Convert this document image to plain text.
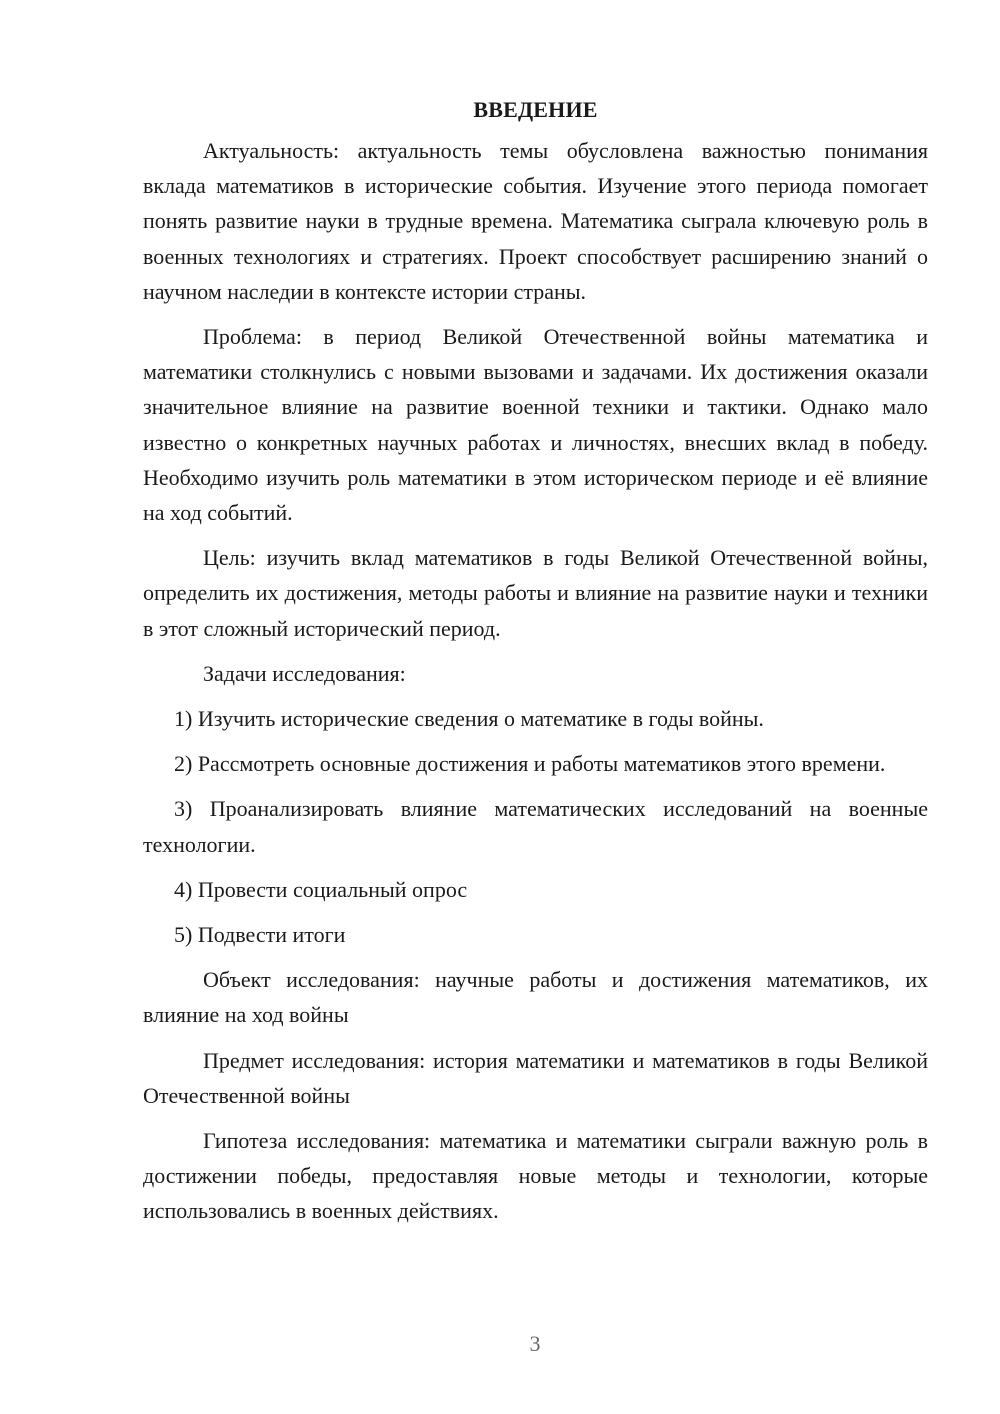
ВВЕДЕНИЕ

Актуальность: актуальность темы обусловлена важностью понимания вклада математиков в исторические события. Изучение этого периода помогает понять развитие науки в трудные времена. Математика сыграла ключевую роль в военных технологиях и стратегиях. Проект способствует расширению знаний о научном наследии в контексте истории страны.

Проблема: в период Великой Отечественной войны математика и математики столкнулись с новыми вызовами и задачами. Их достижения оказали значительное влияние на развитие военной техники и тактики. Однако мало известно о конкретных научных работах и личностях, внесших вклад в победу. Необходимо изучить роль математики в этом историческом периоде и её влияние на ход событий.

Цель: изучить вклад математиков в годы Великой Отечественной войны, определить их достижения, методы работы и влияние на развитие науки и техники в этот сложный исторический период.

Задачи исследования:

1) Изучить исторические сведения о математике в годы войны.

2) Рассмотреть основные достижения и работы математиков этого времени.

3) Проанализировать влияние математических исследований на военные технологии.

4) Провести социальный опрос

5) Подвести итоги

Объект исследования: научные работы и достижения математиков, их влияние на ход войны

Предмет исследования: история математики и математиков в годы Великой Отечественной войны

Гипотеза исследования: математика и математики сыграли важную роль в достижении победы, предоставляя новые методы и технологии, которые использовались в военных действиях.

3
